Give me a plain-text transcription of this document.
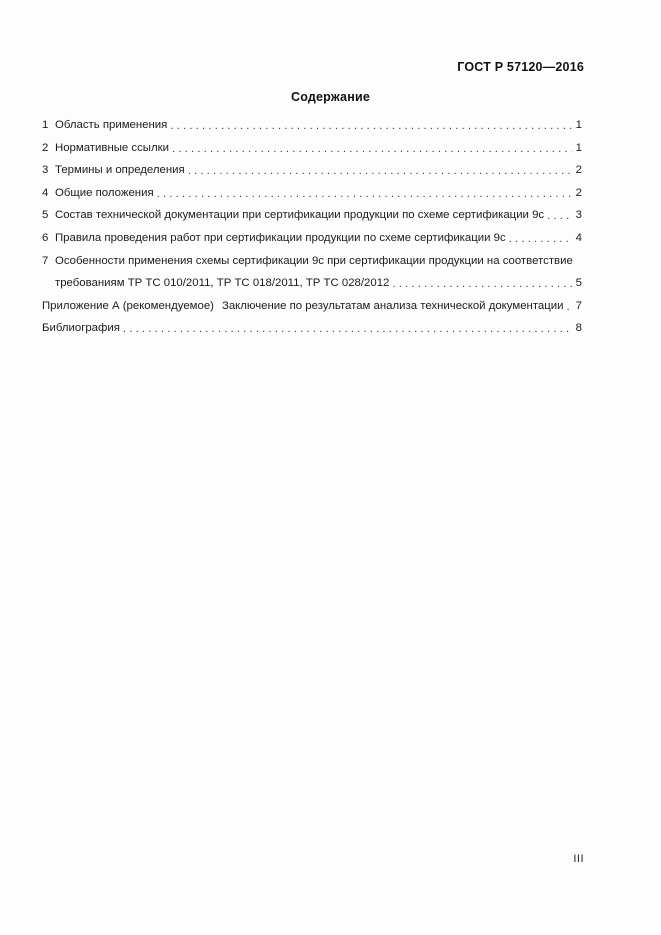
ГОСТ Р 57120—2016
Содержание
1 Область применения . . .	1
2 Нормативные ссылки . . .	1
3 Термины и определения . . .	2
4 Общие положения . . .	2
5 Состав технической документации при сертификации продукции по схеме сертификации 9с . . .	3
6 Правила проведения работ при сертификации продукции по схеме сертификации 9с . . .	4
7 Особенности применения схемы сертификации 9с при сертификации продукции на соответствие
требованиям ТР ТС 010/2011, ТР ТС 018/2011, ТР ТС 028/2012 . . .	5
Приложение А (рекомендуемое) Заключение по результатам анализа технической документации . . . 7
Библиография . . .	8
III
